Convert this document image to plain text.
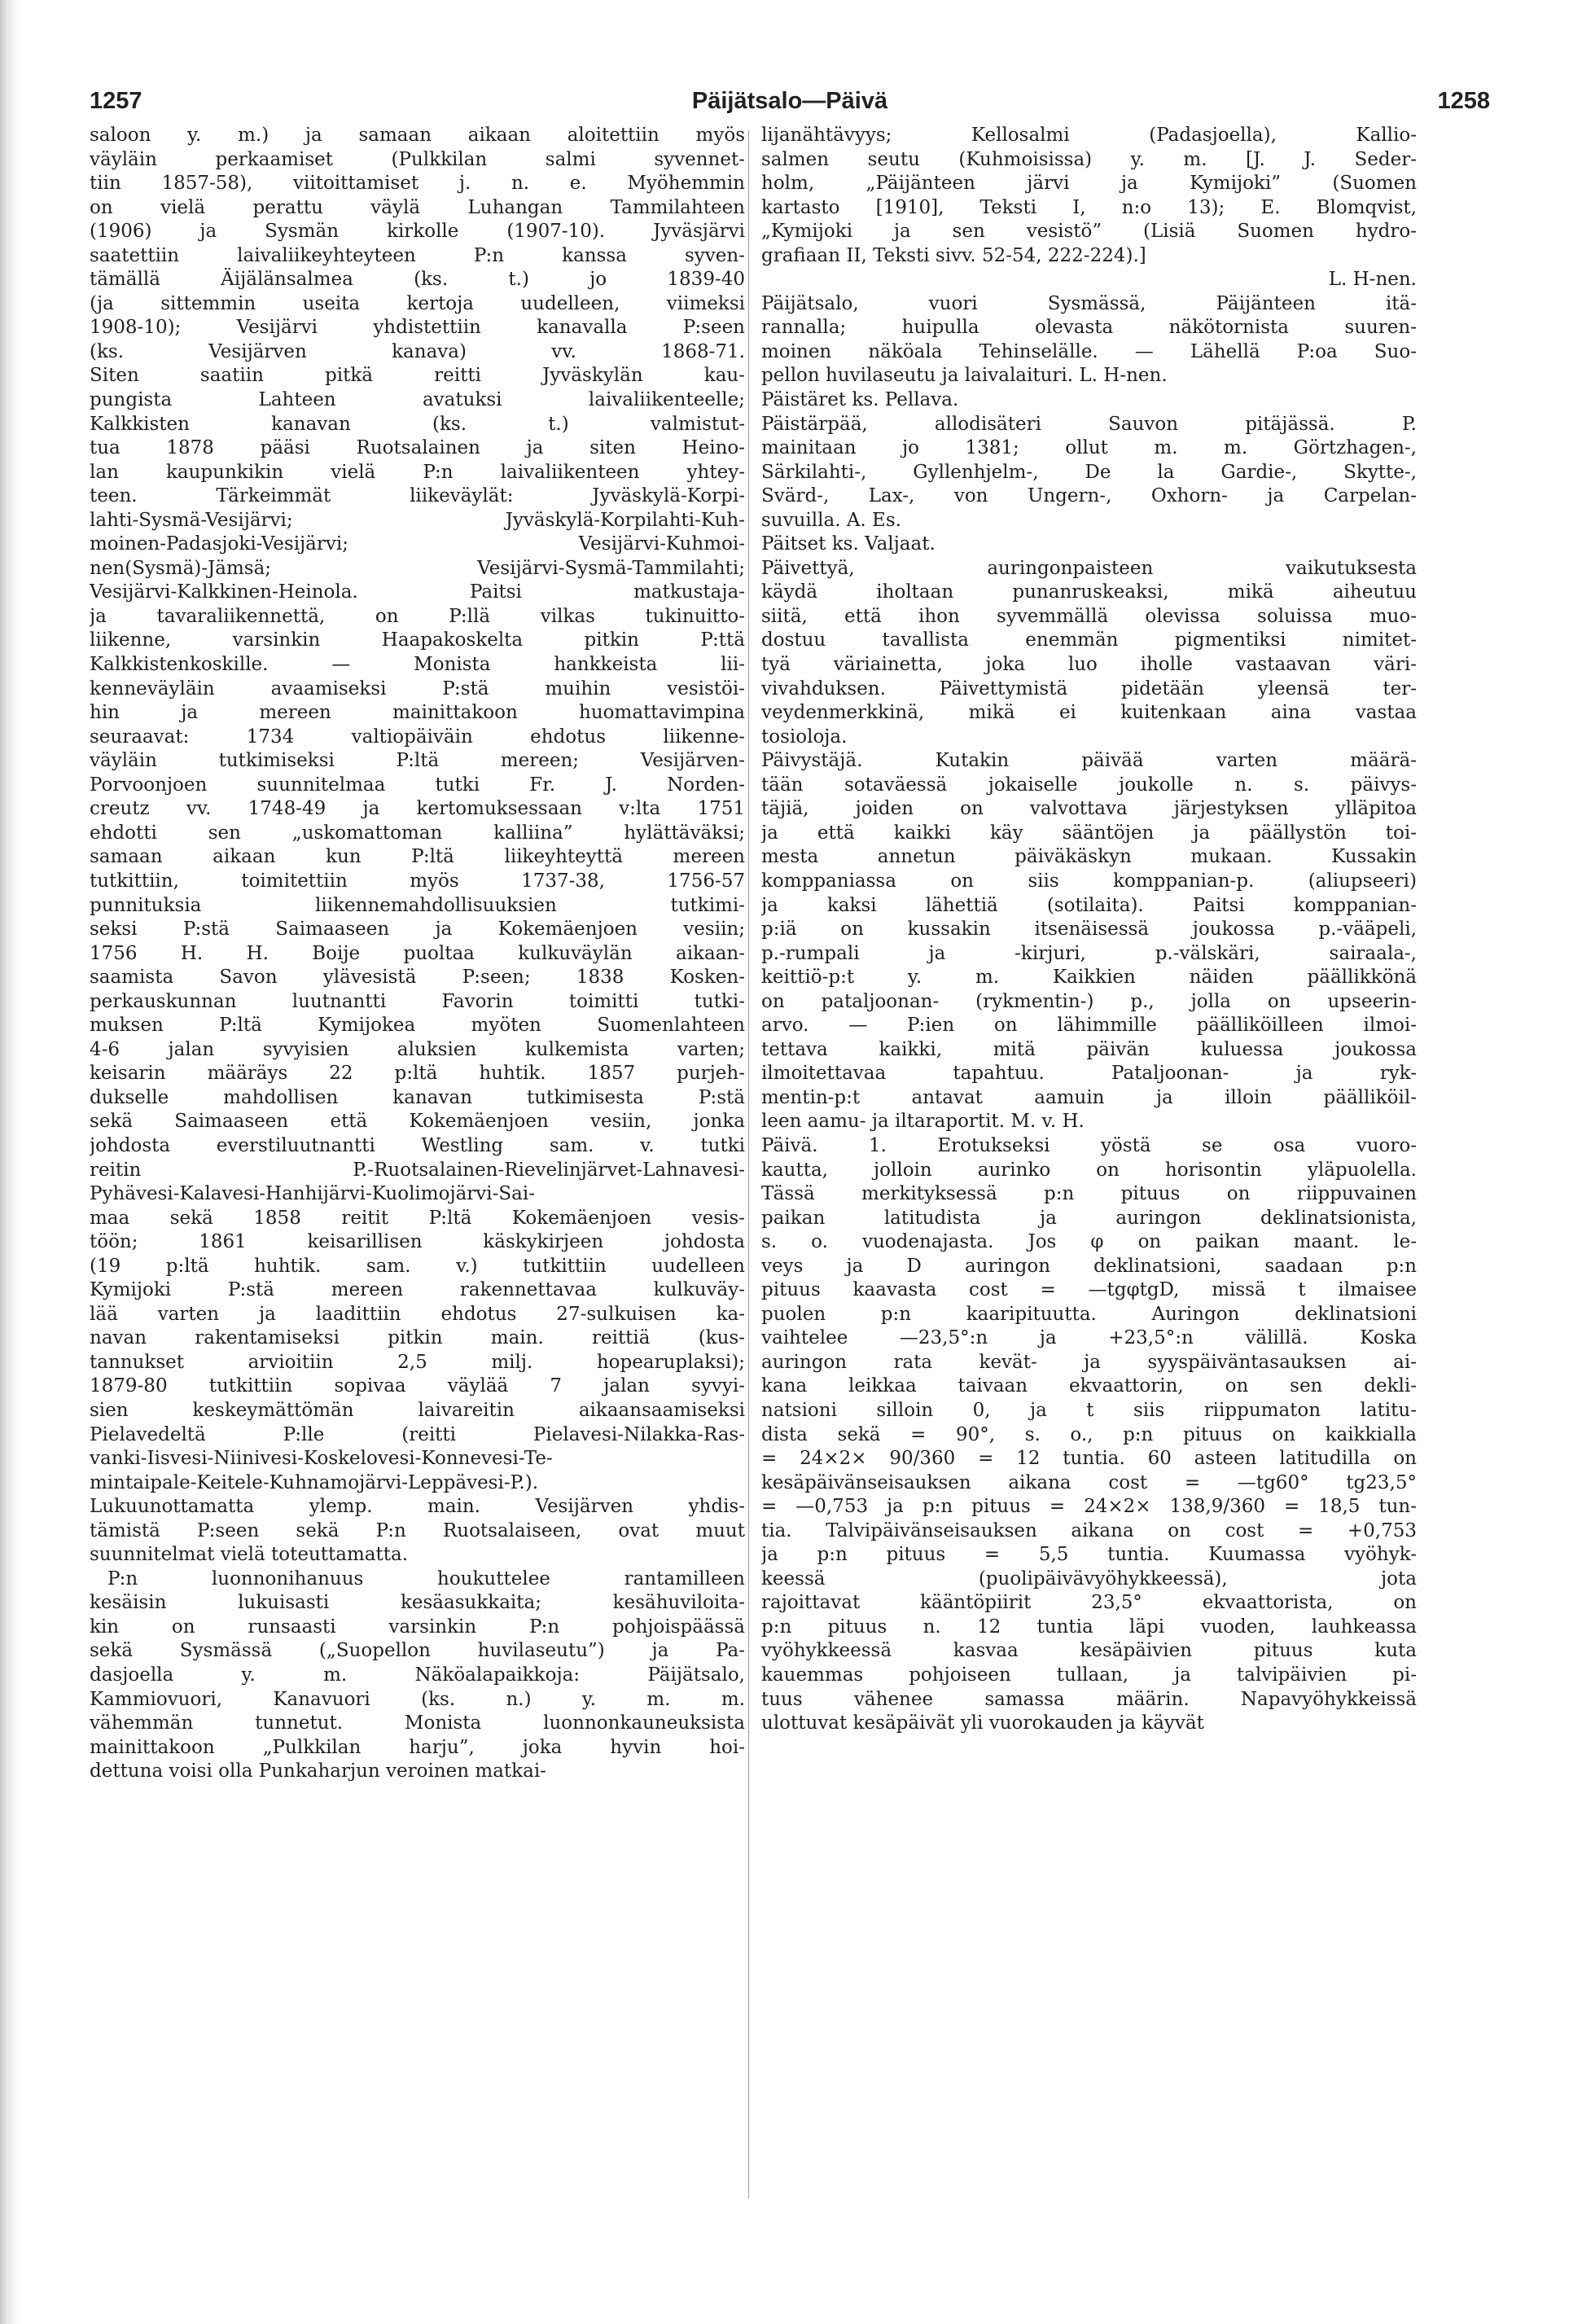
1257	Päijätsalo—Päivä	1258
saloon y. m.) ja samaan aikaan aloitettiin myös
väyläin perkaamiset (Pulkkilan salmi syvennet-
tiin 1857-58), viitoittamiset j. n. e. Myöhemmin
on vielä perattu väylä Luhangan Tammilahteen
(1906) ja Sysmän kirkolle (1907-10). Jyväsjärvi
saatettiin laivaliikeyhteyteen P:n kanssa syven-
tämällä Äijälänsalmea (ks. t.) jo 1839-40
(ja sittemmin useita kertoja uudelleen, viimeksi
1908-10); Vesijärvi yhdistettiin kanavalla P:seen
(ks. Vesijärven kanava) vv. 1868-71.
Siten saatiin pitkä reitti Jyväskylän kau-
pungista Lahteen avatuksi laivaliikenteelle;
Kalkkisten kanavan (ks. t.) valmistut-
tua 1878 pääsi Ruotsalainen ja siten Heino-
lan kaupunkikin vielä P:n laivaliikenteen yhtey-
teen. Tärkeimmät liikeväylät: Jyväskylä-Korpi-
lahti-Sysmä-Vesijärvi; Jyväskylä-Korpilahti-Kuh-
moinen-Padasjoki-Vesijärvi; Vesijärvi-Kuhmoi-
nen(Sysmä)-Jämsä; Vesijärvi-Sysmä-Tammilahti;
Vesijärvi-Kalkkinen-Heinola. Paitsi matkustaja-
ja tavaraliikennettä, on P:llä vilkas tukinuitto-
liikenne, varsinkin Haapakoskelta pitkin P:ttä
Kalkkistenkoskille. — Monista hankkeista lii-
kenneväyläin avaamiseksi P:stä muihin vesistöi-
hin ja mereen mainittakoon huomattavimpina
seuraavat: 1734 valtiopäiväin ehdotus liikenne-
väyläin tutkimiseksi P:ltä mereen; Vesijärven-
Porvoonjoen suunnitelmaa tutki Fr. J. Norden-
creutz vv. 1748-49 ja kertomuksessaan v:lta 1751
ehdotti sen „uskomattoman kalliina” hylättäväksi;
samaan aikaan kun P:ltä liikeyhteyttä mereen
tutkittiin, toimitettiin myös 1737-38, 1756-57
punnituksia liikennemahdollisuuksien tutkimi-
seksi P:stä Saimaaseen ja Kokemäenjoen vesiin;
1756 H. H. Boije puoltaa kulkuväylän aikaan-
saamista Savon ylävesistä P:seen; 1838 Kosken-
perkauskunnan luutnantti Favorin toimitti tutki-
muksen P:ltä Kymijokea myöten Suomenlahteen
4-6 jalan syvyisien aluksien kulkemista varten;
keisarin määräys 22 p:ltä huhtik. 1857 purjeh-
dukselle mahdollisen kanavan tutkimisesta P:stä
sekä Saimaaseen että Kokemäenjoen vesiin, jonka
johdosta everstiluutnantti Westling sam. v. tutki
reitin P.-Ruotsalainen-Rievelinjärvet-Lahnavesi-
Pyhävesi-Kalavesi-Hanhijärvi-Kuolimojärvi-Sai-
maa sekä 1858 reitit P:ltä Kokemäenjoen vesis-
töön; 1861 keisarillisen käskykirjeen johdosta
(19 p:ltä huhtik. sam. v.) tutkittiin uudelleen
Kymijoki P:stä mereen rakennettavaa kulkuväy-
lää varten ja laadittiin ehdotus 27-sulkuisen ka-
navan rakentamiseksi pitkin main. reittiä (kus-
tannukset arvioitiin 2,5 milj. hopearuplaksi);
1879-80 tutkittiin sopivaa väylää 7 jalan syvyi-
sien keskeymättömän laivareitin aikaansaamiseksi
Pielavedeltä P:lle (reitti Pielavesi-Nilakka-Ras-
vanki-Iisvesi-Niinivesi-Koskelovesi-Konnevesi-Te-
mintaipale-Keitele-Kuhnamojärvi-Leppävesi-P.).
Lukuunottamatta ylemp. main. Vesijärven yhdis-
tämistä P:seen sekä P:n Ruotsalaiseen, ovat muut
suunnitelmat vielä toteuttamatta.
P:n luonnonihanuus houkuttelee rantamilleen
kesäisin lukuisasti kesäasukkaita; kesähuviloita-
kin on runsaasti varsinkin P:n pohjoispäässä
sekä Sysmässä („Suopellon huvilaseutu”) ja Pa-
dasjoella y. m. Näköalapaikkoja: Päijätsalo,
Kammiovuori, Kanavuori (ks. n.) y. m. m.
vähemmän tunnetut. Monista luonnonkauneuksista
mainittakoon „Pulkkilan harju”, joka hyvin hoi-
dettuna voisi olla Punkaharjun veroinen matkai-
lijanähtävyys; Kellosalmi (Padasjoella), Kallio-
salmen seutu (Kuhmoisissa) y. m. [J. J. Seder-
holm, „Päijänteen järvi ja Kymijoki” (Suomen
kartasto [1910], Teksti I, n:o 13); E. Blomqvist,
„Kymijoki ja sen vesistö” (Lisiä Suomen hydro-
grafiaan II, Teksti sivv. 52-54, 222-224).]
L. H-nen.
Päijätsalo, vuori Sysmässä, Päijänteen itä-
rannalla; huipulla olevasta näkötornista suuren-
moinen näköala Tehinselälle. — Lähellä P:oa Suo-
pellon huvilaseutu ja laivalaituri. L. H-nen.
Päistäret ks. Pellava.
Päistärpää, allodisäteri Sauvon pitäjässä. P.
mainitaan jo 1381; ollut m. m. Görtzhagen-,
Särkilahti-, Gyllenhjelm-, De la Gardie-, Skytte-,
Svärd-, Lax-, von Ungern-, Oxhorn- ja Carpelan-
suvuilla. A. Es.
Päitset ks. Valjaat.
Päivettyä, auringonpaisteen vaikutuksesta
käydä iholtaan punanruskeaksi, mikä aiheutuu
siitä, että ihon syvemmällä olevissa soluissa muo-
dostuu tavallista enemmän pigmentiksi nimitet-
tyä väriainetta, joka luo iholle vastaavan väri-
vivahduksen. Päivettymistä pidetään yleensä ter-
veydenmerkkinä, mikä ei kuitenkaan aina vastaa
tosioloja.
Päivystäjä. Kutakin päivää varten määrä-
tään sotaväessä jokaiselle joukolle n. s. päivys-
täjiä, joiden on valvottava järjestyksen ylläpitoa
ja että kaikki käy sääntöjen ja päällystön toi-
mesta annetun päiväkäskyn mukaan. Kussakin
komppaniassa on siis komppanian-p. (aliupseeri)
ja kaksi lähettiä (sotilaita). Paitsi komppanian-
p:iä on kussakin itsenäisessä joukossa p.-vääpeli,
p.-rumpali ja -kirjuri, p.-välskäri, sairaala-,
keittiö-p:t y. m. Kaikkien näiden päällikkönä
on pataljoonan- (rykmentin-) p., jolla on upseerin-
arvo. — P:ien on lähimmille päälliköilleen ilmoi-
tettava kaikki, mitä päivän kuluessa joukossa
ilmoitettavaa tapahtuu. Pataljoonan- ja ryk-
mentin-p:t antavat aamuin ja illoin päälliköil-
leen aamu- ja iltaraportit. M. v. H.
Päivä. 1. Erotukseksi yöstä se osa vuoro-
kautta, jolloin aurinko on horisontin yläpuolella.
Tässä merkityksessä p:n pituus on riippuvainen
paikan latitudista ja auringon deklinatsionista,
s. o. vuodenajasta. Jos φ on paikan maant. le-
veys ja D auringon deklinatsioni, saadaan p:n
pituus kaavasta cost = —tgφtgD, missä t ilmaisee
puolen p:n kaaripituutta. Auringon deklinatsioni
vaihtelee —23,5°:n ja +23,5°:n välillä. Koska
auringon rata kevät- ja syyspäiväntasauksen ai-
kana leikkaa taivaan ekvaattorin, on sen dekli-
natsioni silloin 0, ja t siis riippumaton latitu-
dista sekä = 90°, s. o., p:n pituus on kaikkialla
= 24×2× 90/360 = 12 tuntia. 60 asteen latitudilla on
kesäpäivänseisauksen aikana cost = —tg60° tg23,5°
= —0,753 ja p:n pituus = 24×2× 138,9/360 = 18,5 tun-
tia. Talvipäivänseisauksen aikana on cost = +0,753
ja p:n pituus = 5,5 tuntia. Kuumassa vyöhyk-
keessä (puolipäivävyöhykkeessä), jota
rajoittavat kääntöpiirit 23,5° ekvaattorista, on
p:n pituus n. 12 tuntia läpi vuoden, lauhkeassa
vyöhykkeessä kasvaa kesäpäivien pituus kuta
kauemmas pohjoiseen tullaan, ja talvipäivien pi-
tuus vähenee samassa määrin. Napavyöhykkeissä
ulottuvat kesäpäivät yli vuorokauden ja käyvät
